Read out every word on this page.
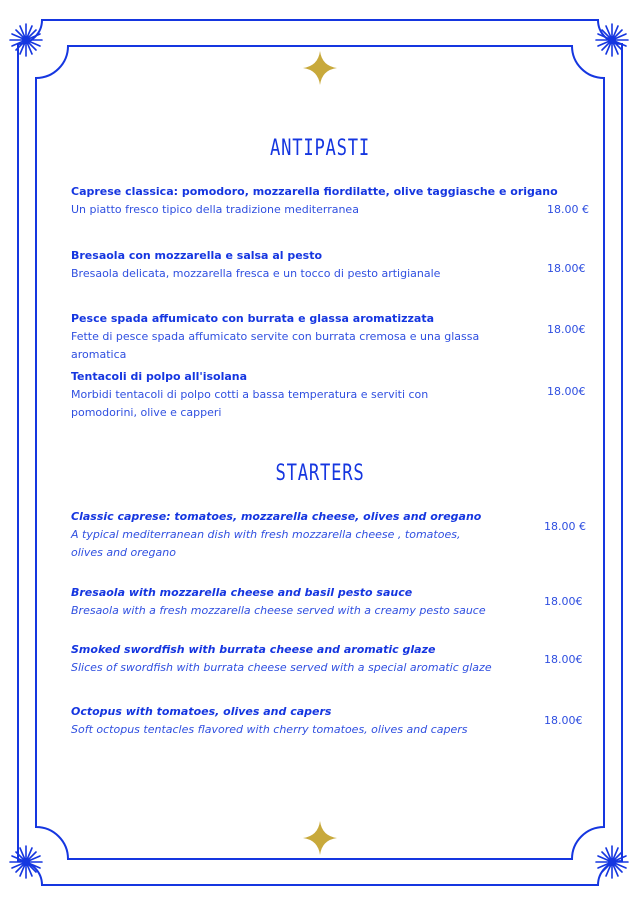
ANTIPASTI
Caprese classica: pomodoro, mozzarella fiordilatte, olive taggiasche e origano
Un piatto fresco tipico della tradizione mediterranea	18.00 €
Bresaola con mozzarella e salsa al pesto
Bresaola delicata, mozzarella fresca e un tocco di pesto artigianale	18.00€
Pesce spada affumicato con burrata e glassa aromatizzata
Fette di pesce spada affumicato servite con burrata cremosa e una glassa aromatica
18.00€
Tentacoli di polpo all'isolana
Morbidi tentacoli di polpo cotti a bassa temperatura e serviti con pomodorini, olive e capperi
18.00€
STARTERS
Classic caprese: tomatoes, mozzarella cheese, olives and oregano
A typical mediterranean dish with fresh mozzarella cheese , tomatoes, olives and oregano
18.00 €
Bresaola with mozzarella cheese and basil pesto sauce
Bresaola with a fresh mozzarella cheese served with a creamy pesto sauce
18.00€
Smoked swordfish with burrata cheese and aromatic glaze
Slices of swordfish with burrata cheese served with a special aromatic glaze
18.00€
Octopus with tomatoes, olives and capers
Soft octopus tentacles flavored with cherry tomatoes, olives and capers
18.00€
